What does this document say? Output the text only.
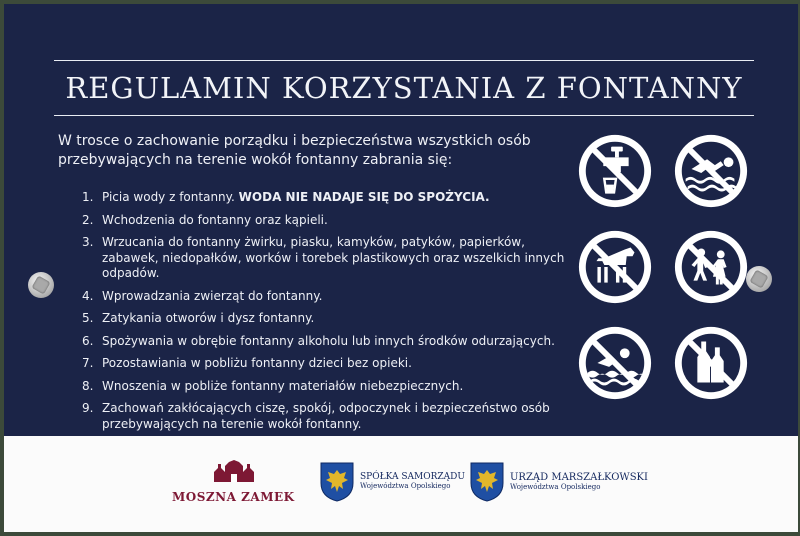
REGULAMIN KORZYSTANIA Z FONTANNY
W trosce o zachowanie porządku i bezpieczeństwa wszystkich osób
przebywających na terenie wokół fontanny zabrania się:
1. Picia wody z fontanny. WODA NIE NADAJE SIĘ DO SPOŻYCIA.
2. Wchodzenia do fontanny oraz kąpieli.
3. Wrzucania do fontanny żwirku, piasku, kamyków, patyków, papierków, zabawek, niedopałków, worków i torebek plastikowych oraz wszelkich innych odpadów.
4. Wprowadzania zwierząt do fontanny.
5. Zatykania otworów i dysz fontanny.
6. Spożywania w obrębie fontanny alkoholu lub innych środków odurzających.
7. Pozostawiania w pobliżu fontanny dzieci bez opieki.
8. Wnoszenia w pobliże fontanny materiałów niebezpiecznych.
9. Zachowań zakłócających ciszę, spokój, odpoczynek i bezpieczeństwo osób przebywających na terenie wokół fontanny.
MOSZNA ZAMEK
SPÓŁKA SAMORZĄDU
Województwa Opolskiego
URZĄD MARSZAŁKOWSKI
Województwa Opolskiego
